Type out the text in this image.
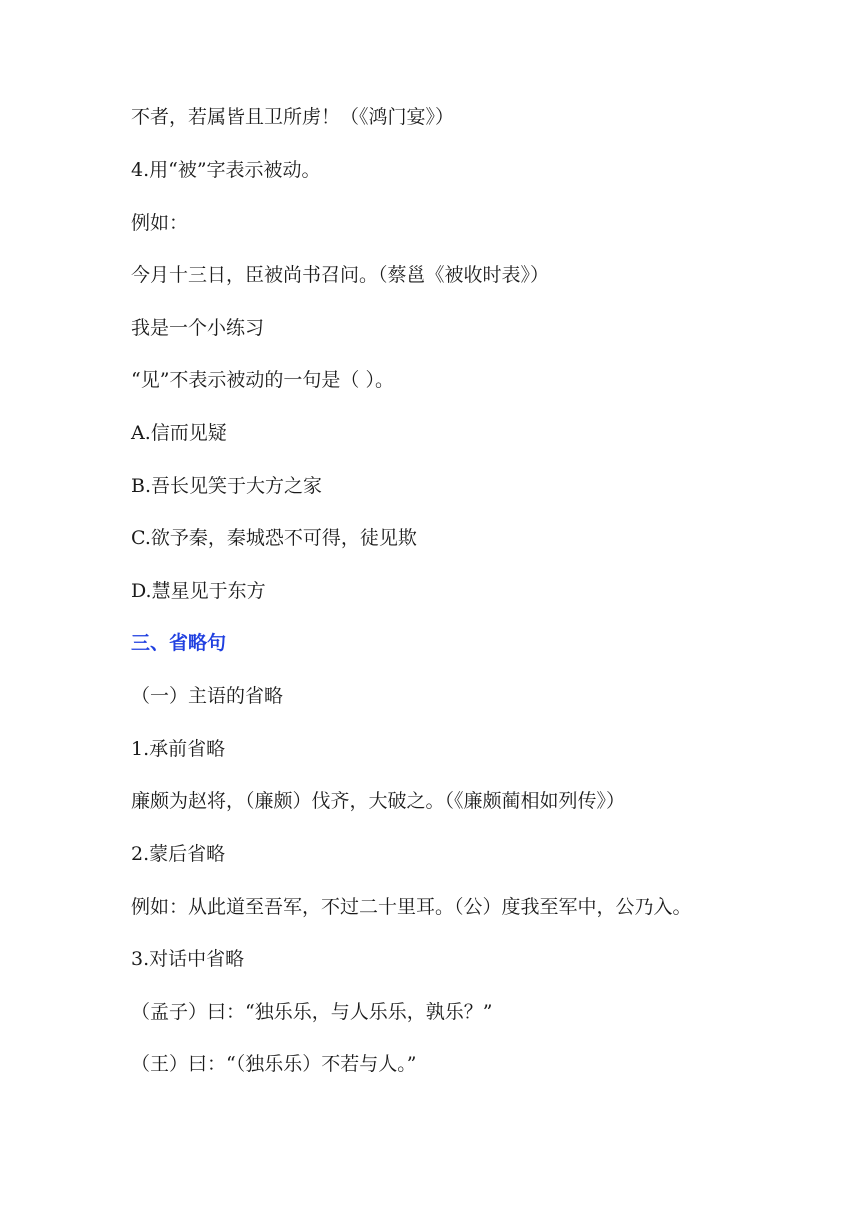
不者，若属皆且卫所虏！（《鸿门宴》）
4.用“被”字表示被动。
例如：
今月十三日，臣被尚书召问。（蔡邕《被收时表》）
我是一个小练习
“见”不表示被动的一句是（ ）。
A.信而见疑
B.吾长见笑于大方之家
C.欲予秦，秦城恐不可得，徒见欺
D.慧星见于东方
三、省略句
（一）主语的省略
1.承前省略
廉颇为赵将，（廉颇）伐齐，大破之。（《廉颇蔺相如列传》）
2.蒙后省略
例如：从此道至吾军，不过二十里耳。（公）度我至军中，公乃入。
3.对话中省略
（孟子）曰：“独乐乐，与人乐乐，孰乐？”
（王）曰：“（独乐乐）不若与人。”
